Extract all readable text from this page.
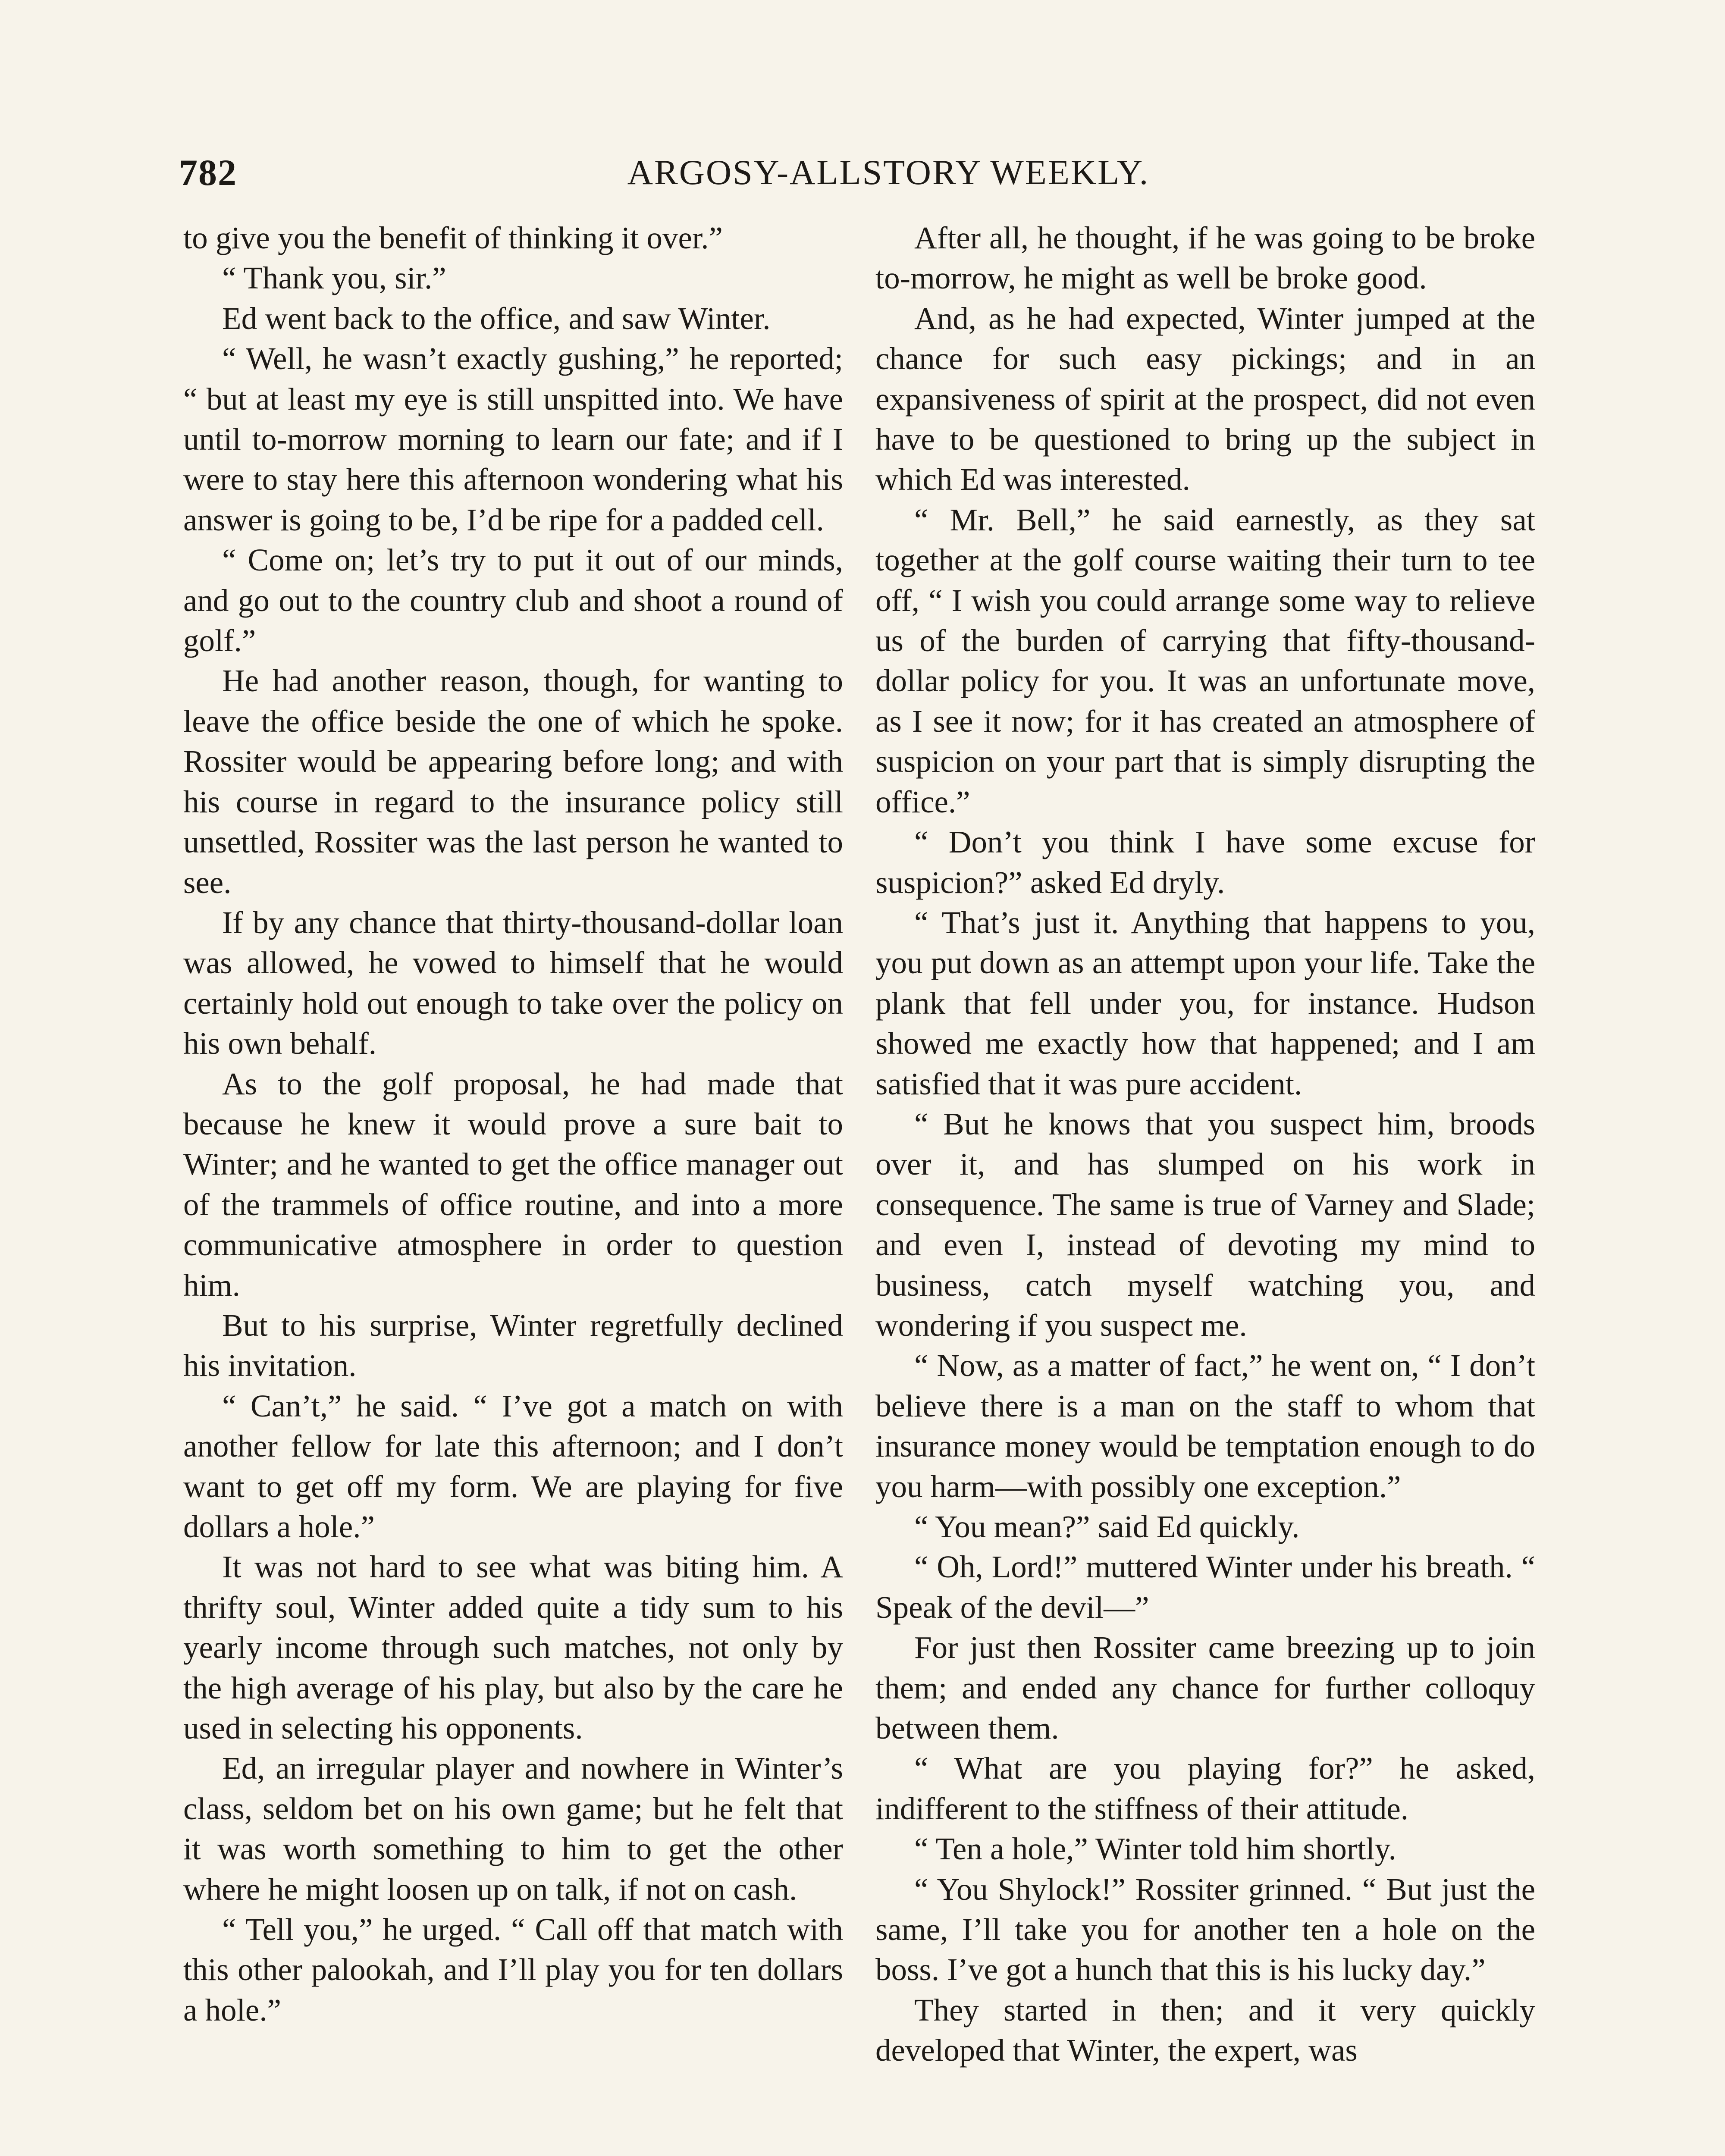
782	ARGOSY-ALLSTORY WEEKLY.

to give you the benefit of thinking it over.”

“ Thank you, sir.”

Ed went back to the office, and saw Winter.

“ Well, he wasn’t exactly gushing,” he reported; “ but at least my eye is still unspitted into. We have until to-morrow morning to learn our fate; and if I were to stay here this afternoon wondering what his answer is going to be, I’d be ripe for a padded cell.

“ Come on; let’s try to put it out of our minds, and go out to the country club and shoot a round of golf.”

He had another reason, though, for wanting to leave the office beside the one of which he spoke. Rossiter would be appearing before long; and with his course in regard to the insurance policy still unsettled, Rossiter was the last person he wanted to see.

If by any chance that thirty-thousand-dollar loan was allowed, he vowed to himself that he would certainly hold out enough to take over the policy on his own behalf.

As to the golf proposal, he had made that because he knew it would prove a sure bait to Winter; and he wanted to get the office manager out of the trammels of office routine, and into a more communicative atmosphere in order to question him.

But to his surprise, Winter regretfully declined his invitation.

“ Can’t,” he said. “ I’ve got a match on with another fellow for late this afternoon; and I don’t want to get off my form. We are playing for five dollars a hole.”

It was not hard to see what was biting him. A thrifty soul, Winter added quite a tidy sum to his yearly income through such matches, not only by the high average of his play, but also by the care he used in selecting his opponents.

Ed, an irregular player and nowhere in Winter’s class, seldom bet on his own game; but he felt that it was worth something to him to get the other where he might loosen up on talk, if not on cash.

“ Tell you,” he urged. “ Call off that match with this other palookah, and I’ll play you for ten dollars a hole.”

After all, he thought, if he was going to be broke to-morrow, he might as well be broke good.

And, as he had expected, Winter jumped at the chance for such easy pickings; and in an expansiveness of spirit at the prospect, did not even have to be questioned to bring up the subject in which Ed was interested.

“ Mr. Bell,” he said earnestly, as they sat together at the golf course waiting their turn to tee off, “ I wish you could arrange some way to relieve us of the burden of carrying that fifty-thousand-dollar policy for you. It was an unfortunate move, as I see it now; for it has created an atmosphere of suspicion on your part that is simply disrupting the office.”

“ Don’t you think I have some excuse for suspicion?” asked Ed dryly.

“ That’s just it. Anything that happens to you, you put down as an attempt upon your life. Take the plank that fell under you, for instance. Hudson showed me exactly how that happened; and I am satisfied that it was pure accident.

“ But he knows that you suspect him, broods over it, and has slumped on his work in consequence. The same is true of Varney and Slade; and even I, instead of devoting my mind to business, catch myself watching you, and wondering if you suspect me.

“ Now, as a matter of fact,” he went on, “ I don’t believe there is a man on the staff to whom that insurance money would be temptation enough to do you harm—with possibly one exception.”

“ You mean?” said Ed quickly.

“ Oh, Lord!” muttered Winter under his breath. “ Speak of the devil—”

For just then Rossiter came breezing up to join them; and ended any chance for further colloquy between them.

“ What are you playing for?” he asked, indifferent to the stiffness of their attitude.

“ Ten a hole,” Winter told him shortly.

“ You Shylock!” Rossiter grinned. “ But just the same, I’ll take you for another ten a hole on the boss. I’ve got a hunch that this is his lucky day.”

They started in then; and it very quickly developed that Winter, the expert, was
